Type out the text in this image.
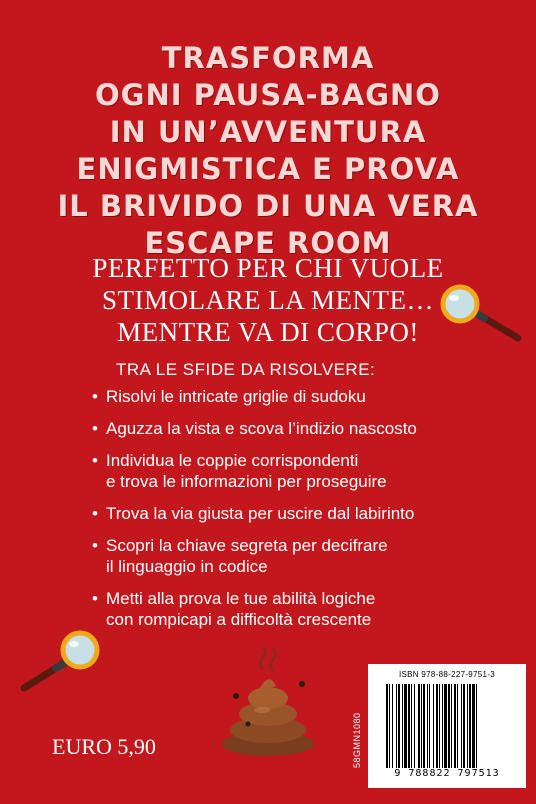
TRASFORMA
OGNI PAUSA-BAGNO
IN UN’AVVENTURA
ENIGMISTICA E PROVA
IL BRIVIDO DI UNA VERA
ESCAPE ROOM
PERFETTO PER CHI VUOLE
STIMOLARE LA MENTE…
MENTRE VA DI CORPO!
TRA LE SFIDE DA RISOLVERE:
• Risolvi le intricate griglie di sudoku
• Aguzza la vista e scova l’indizio nascosto
• Individua le coppie corrispondenti
e trova le informazioni per proseguire
• Trova la via giusta per uscire dal labirinto
• Scopri la chiave segreta per decifrare
il linguaggio in codice
• Metti alla prova le tue abilità logiche
con rompicapi a difficoltà crescente
EURO 5,90	58GMN1080
ISBN 978-88-227-9751-3
9 788822 797513
